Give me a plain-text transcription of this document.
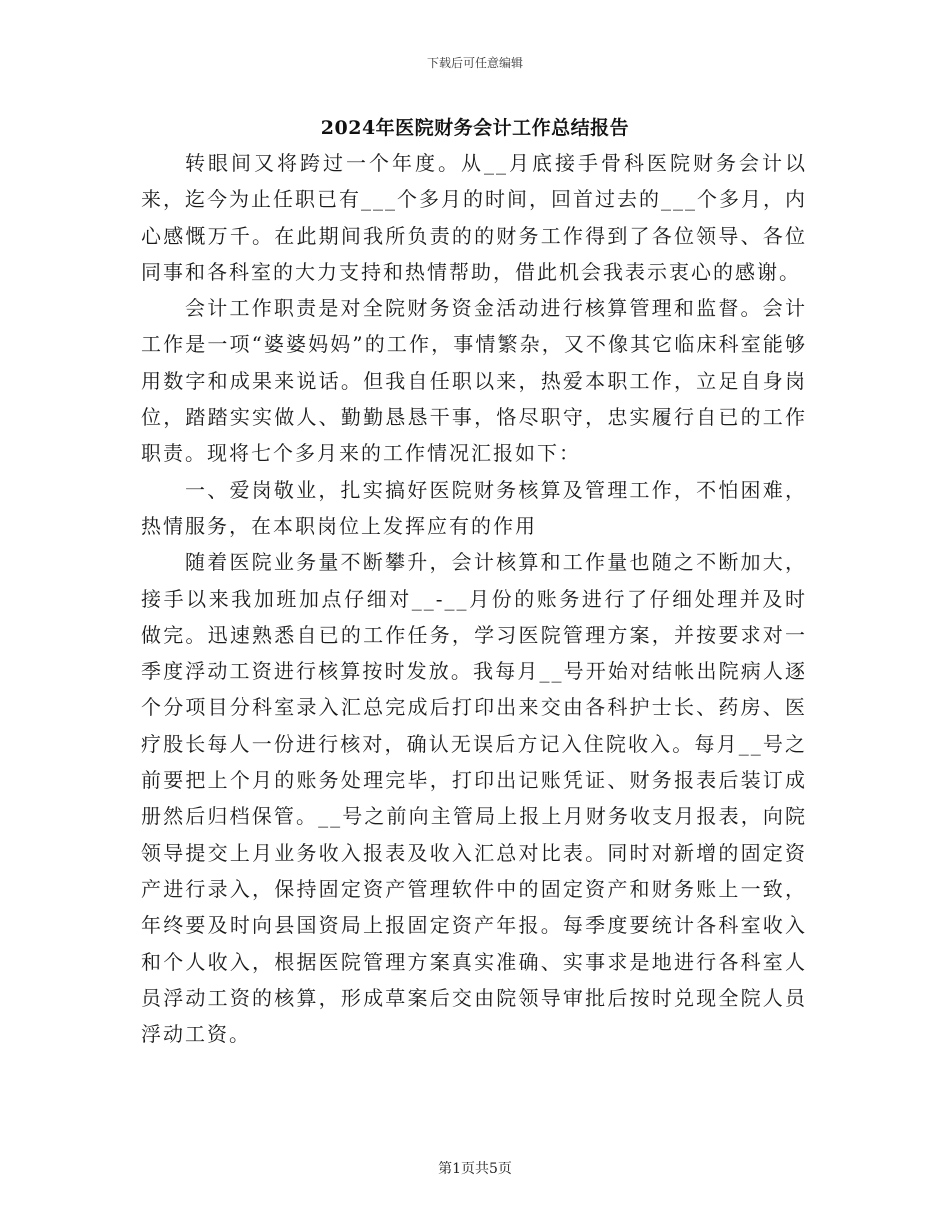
下载后可任意编辑
2024年医院财务会计工作总结报告

转眼间又将跨过一个年度。从__月底接手骨科医院财务会计以来，迄今为止任职已有___个多月的时间，回首过去的___个多月，内心感慨万千。在此期间我所负责的的财务工作得到了各位领导、各位同事和各科室的大力支持和热情帮助，借此机会我表示衷心的感谢。

会计工作职责是对全院财务资金活动进行核算管理和监督。会计工作是一项“婆婆妈妈”的工作，事情繁杂，又不像其它临床科室能够用数字和成果来说话。但我自任职以来，热爱本职工作，立足自身岗位，踏踏实实做人、勤勤恳恳干事，恪尽职守，忠实履行自已的工作职责。现将七个多月来的工作情况汇报如下：

一、爱岗敬业，扎实搞好医院财务核算及管理工作，不怕困难，热情服务，在本职岗位上发挥应有的作用

随着医院业务量不断攀升，会计核算和工作量也随之不断加大，接手以来我加班加点仔细对__-__月份的账务进行了仔细处理并及时做完。迅速熟悉自已的工作任务，学习医院管理方案，并按要求对一季度浮动工资进行核算按时发放。我每月__号开始对结帐出院病人逐个分项目分科室录入汇总完成后打印出来交由各科护士长、药房、医疗股长每人一份进行核对，确认无误后方记入住院收入。每月__号之前要把上个月的账务处理完毕，打印出记账凭证、财务报表后装订成册然后归档保管。__号之前向主管局上报上月财务收支月报表，向院领导提交上月业务收入报表及收入汇总对比表。同时对新增的固定资产进行录入，保持固定资产管理软件中的固定资产和财务账上一致，年终要及时向县国资局上报固定资产年报。每季度要统计各科室收入和个人收入，根据医院管理方案真实准确、实事求是地进行各科室人员浮动工资的核算，形成草案后交由院领导审批后按时兑现全院人员浮动工资。

第1页共5页
